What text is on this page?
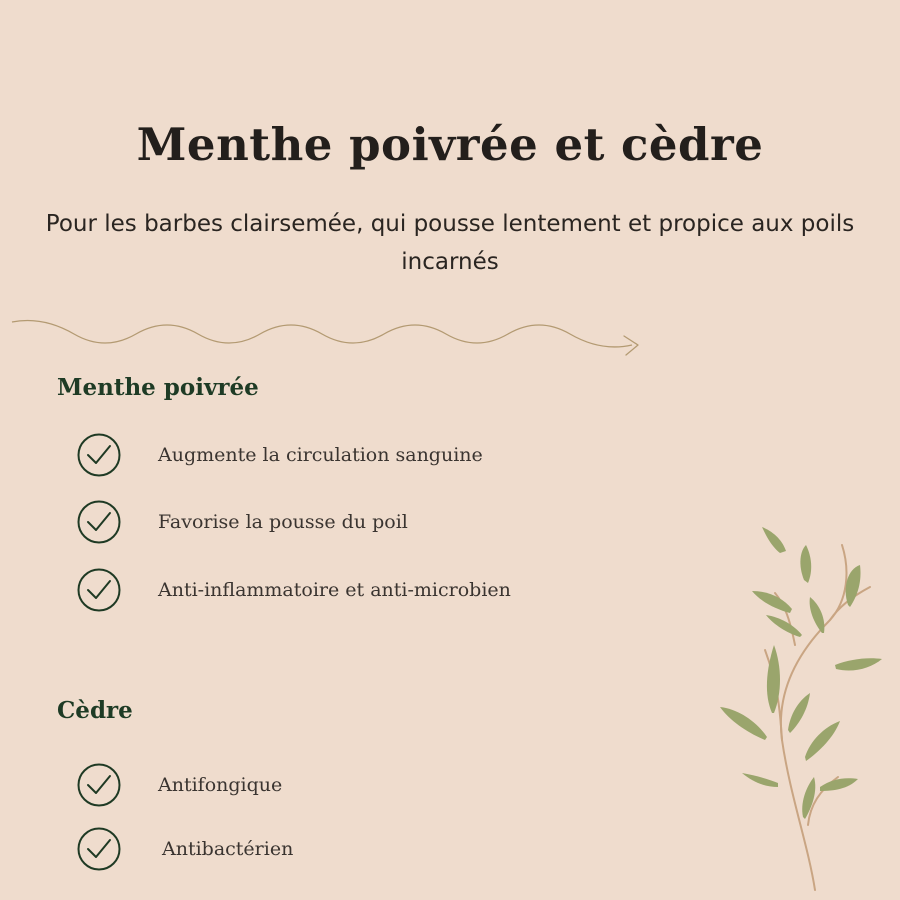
Menthe poivrée et cèdre

Pour les barbes clairsemée, qui pousse lentement et propice aux poils incarnés

Menthe poivrée
Augmente la circulation sanguine
Favorise la pousse du poil
Anti-inflammatoire et anti-microbien
Cèdre
Antifongique
Antibactérien
